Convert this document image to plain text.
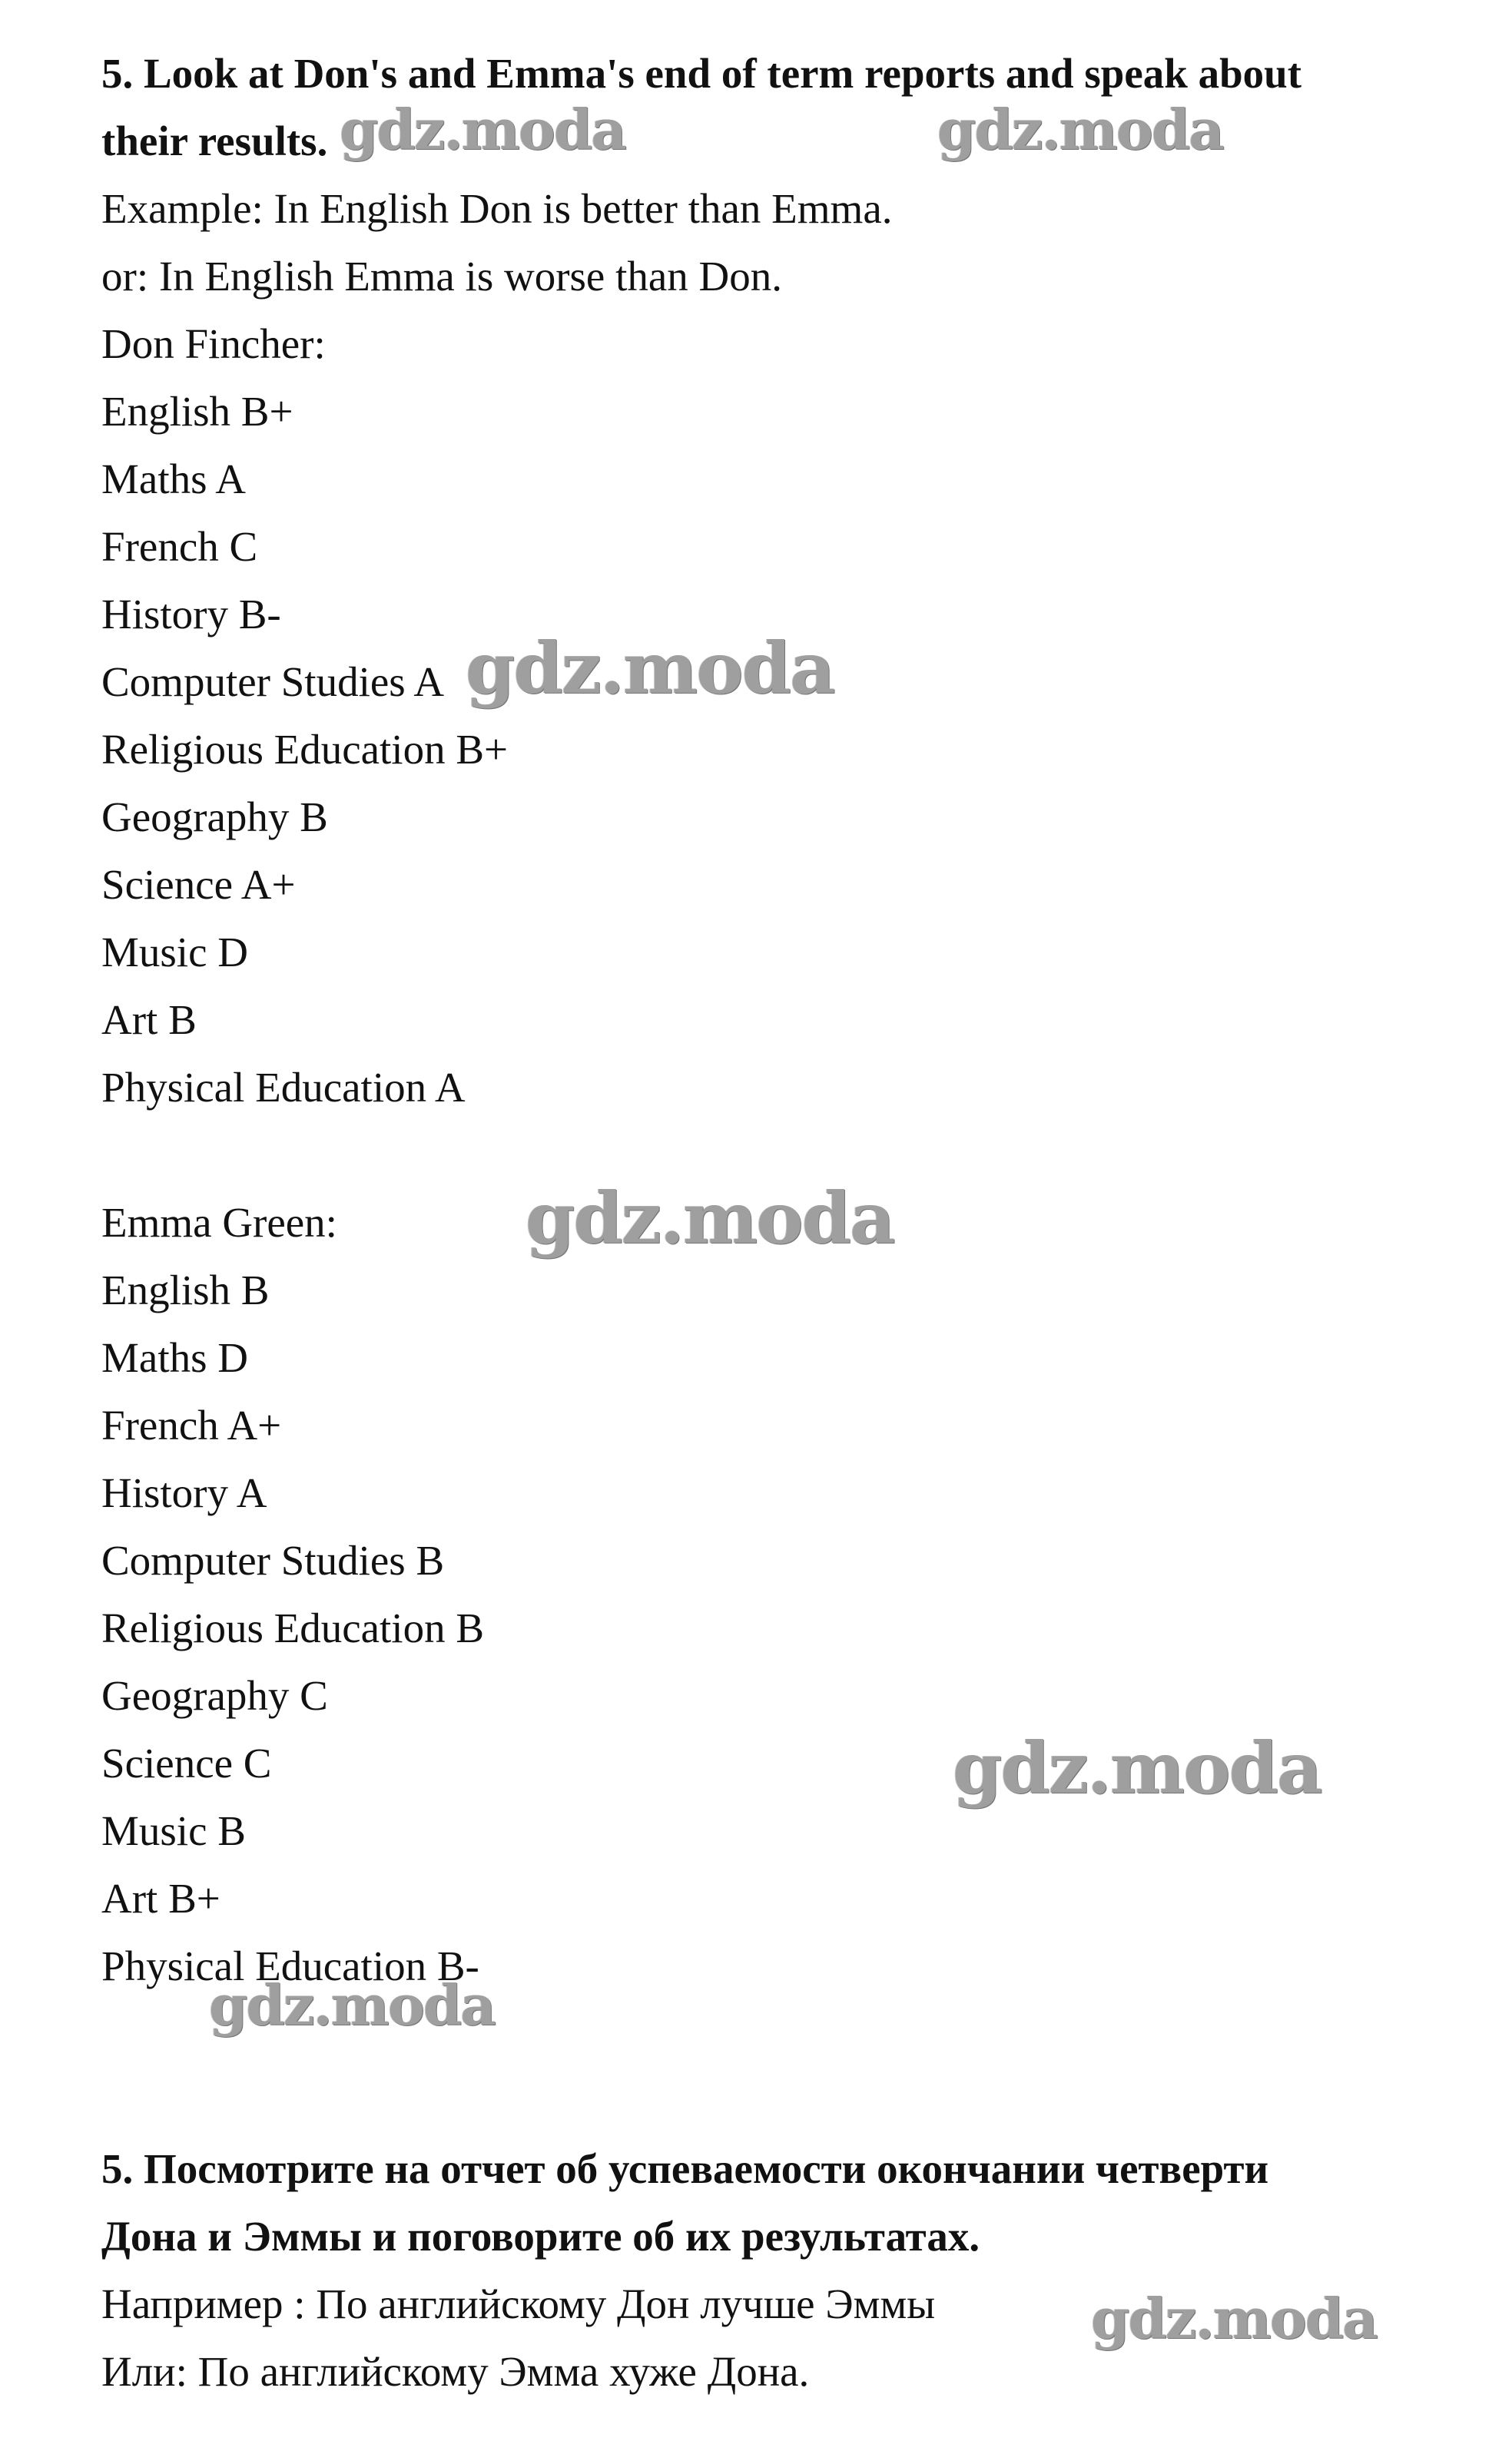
5. Look at Don's and Emma's end of term reports and speak about
their results.
Example: In English Don is better than Emma.
or: In English Emma is worse than Don.
Don Fincher:
English B+
Maths A
French C
History B-
Computer Studies A
Religious Education B+
Geography B
Science A+
Music D
Art B
Physical Education A
Emma Green:
English B
Maths D
French A+
History A
Computer Studies B
Religious Education B
Geography C
Science C
Music B
Art B+
Physical Education B-
5. Посмотрите на отчет об успеваемости окончании четверти
Дона и Эммы и поговорите об их результатах.
Например : По английскому Дон лучше Эммы
Или: По английскому Эмма хуже Дона.
gdz.moda	gdz.moda
gdz.moda
gdz.moda
gdz.moda
gdz.moda
gdz.moda
